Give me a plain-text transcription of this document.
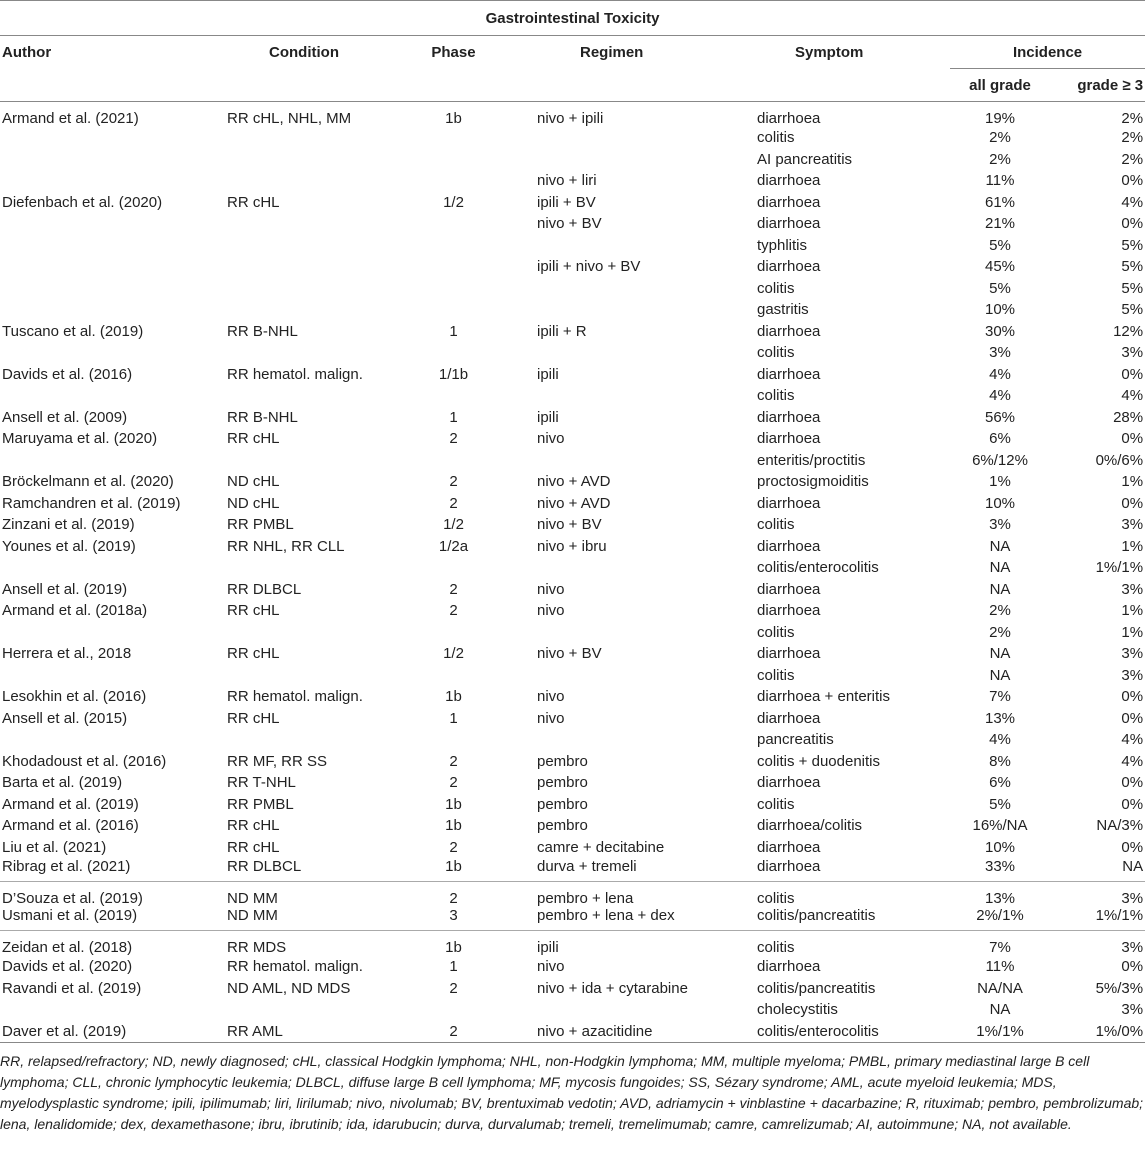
Gastrointestinal Toxicity						
Author	Condition	Phase	Regimen	Symptom	Incidence	
					all grade	grade ≥ 3
Armand et al. (2021)	RR cHL, NHL, MM	1b	nivo + ipili	diarrhoea	19%	2%
				colitis	2%	2%
				AI pancreatitis	2%	2%
			nivo + liri	diarrhoea	11%	0%
Diefenbach et al. (2020)	RR cHL	1/2	ipili + BV	diarrhoea	61%	4%
			nivo + BV	diarrhoea	21%	0%
				typhlitis	5%	5%
			ipili + nivo + BV	diarrhoea	45%	5%
				colitis	5%	5%
				gastritis	10%	5%
Tuscano et al. (2019)	RR B-NHL	1	ipili + R	diarrhoea	30%	12%
				colitis	3%	3%
Davids et al. (2016)	RR hematol. malign.	1/1b	ipili	diarrhoea	4%	0%
				colitis	4%	4%
Ansell et al. (2009)	RR B-NHL	1	ipili	diarrhoea	56%	28%
Maruyama et al. (2020)	RR cHL	2	nivo	diarrhoea	6%	0%
				enteritis/proctitis	6%/12%	0%/6%
Bröckelmann et al. (2020)	ND cHL	2	nivo + AVD	proctosigmoiditis	1%	1%
Ramchandren et al. (2019)	ND cHL	2	nivo + AVD	diarrhoea	10%	0%
Zinzani et al. (2019)	RR PMBL	1/2	nivo + BV	colitis	3%	3%
Younes et al. (2019)	RR NHL, RR CLL	1/2a	nivo + ibru	diarrhoea	NA	1%
				colitis/enterocolitis	NA	1%/1%
Ansell et al. (2019)	RR DLBCL	2	nivo	diarrhoea	NA	3%
Armand et al. (2018a)	RR cHL	2	nivo	diarrhoea	2%	1%
				colitis	2%	1%
Herrera et al., 2018	RR cHL	1/2	nivo + BV	diarrhoea	NA	3%
				colitis	NA	3%
Lesokhin et al. (2016)	RR hematol. malign.	1b	nivo	diarrhoea + enteritis	7%	0%
Ansell et al. (2015)	RR cHL	1	nivo	diarrhoea	13%	0%
				pancreatitis	4%	4%
Khodadoust et al. (2016)	RR MF, RR SS	2	pembro	colitis + duodenitis	8%	4%
Barta et al. (2019)	RR T-NHL	2	pembro	diarrhoea	6%	0%
Armand et al. (2019)	RR PMBL	1b	pembro	colitis	5%	0%
Armand et al. (2016)	RR cHL	1b	pembro	diarrhoea/colitis	16%/NA	NA/3%
Liu et al. (2021)	RR cHL	2	camre + decitabine	diarrhoea	10%	0%
Ribrag et al. (2021)	RR DLBCL	1b	durva + tremeli	diarrhoea	33%	NA
D’Souza et al. (2019)	ND MM	2	pembro + lena	colitis	13%	3%
Usmani et al. (2019)	ND MM	3	pembro + lena + dex	colitis/pancreatitis	2%/1%	1%/1%
Zeidan et al. (2018)	RR MDS	1b	ipili	colitis	7%	3%
Davids et al. (2020)	RR hematol. malign.	1	nivo	diarrhoea	11%	0%
Ravandi et al. (2019)	ND AML, ND MDS	2	nivo + ida + cytarabine	colitis/pancreatitis	NA/NA	5%/3%
				cholecystitis	NA	3%
Daver et al. (2019)	RR AML	2	nivo + azacitidine	colitis/enterocolitis	1%/1%	1%/0%
RR, relapsed/refractory; ND, newly diagnosed; cHL, classical Hodgkin lymphoma; NHL, non-Hodgkin lymphoma; MM, multiple myeloma; PMBL, primary mediastinal large B cell lymphoma; CLL, chronic lymphocytic leukemia; DLBCL, diffuse large B cell lymphoma; MF, mycosis fungoides; SS, Sézary syndrome; AML, acute myeloid leukemia; MDS, myelodysplastic syndrome; ipili, ipilimumab; liri, lirilumab; nivo, nivolumab; BV, brentuximab vedotin; AVD, adriamycin + vinblastine + dacarbazine; R, rituximab; pembro, pembrolizumab; lena, lenalidomide; dex, dexamethasone; ibru, ibrutinib; ida, idarubucin; durva, durvalumab; tremeli, tremelimumab; camre, camrelizumab; AI, autoimmune; NA, not available.
